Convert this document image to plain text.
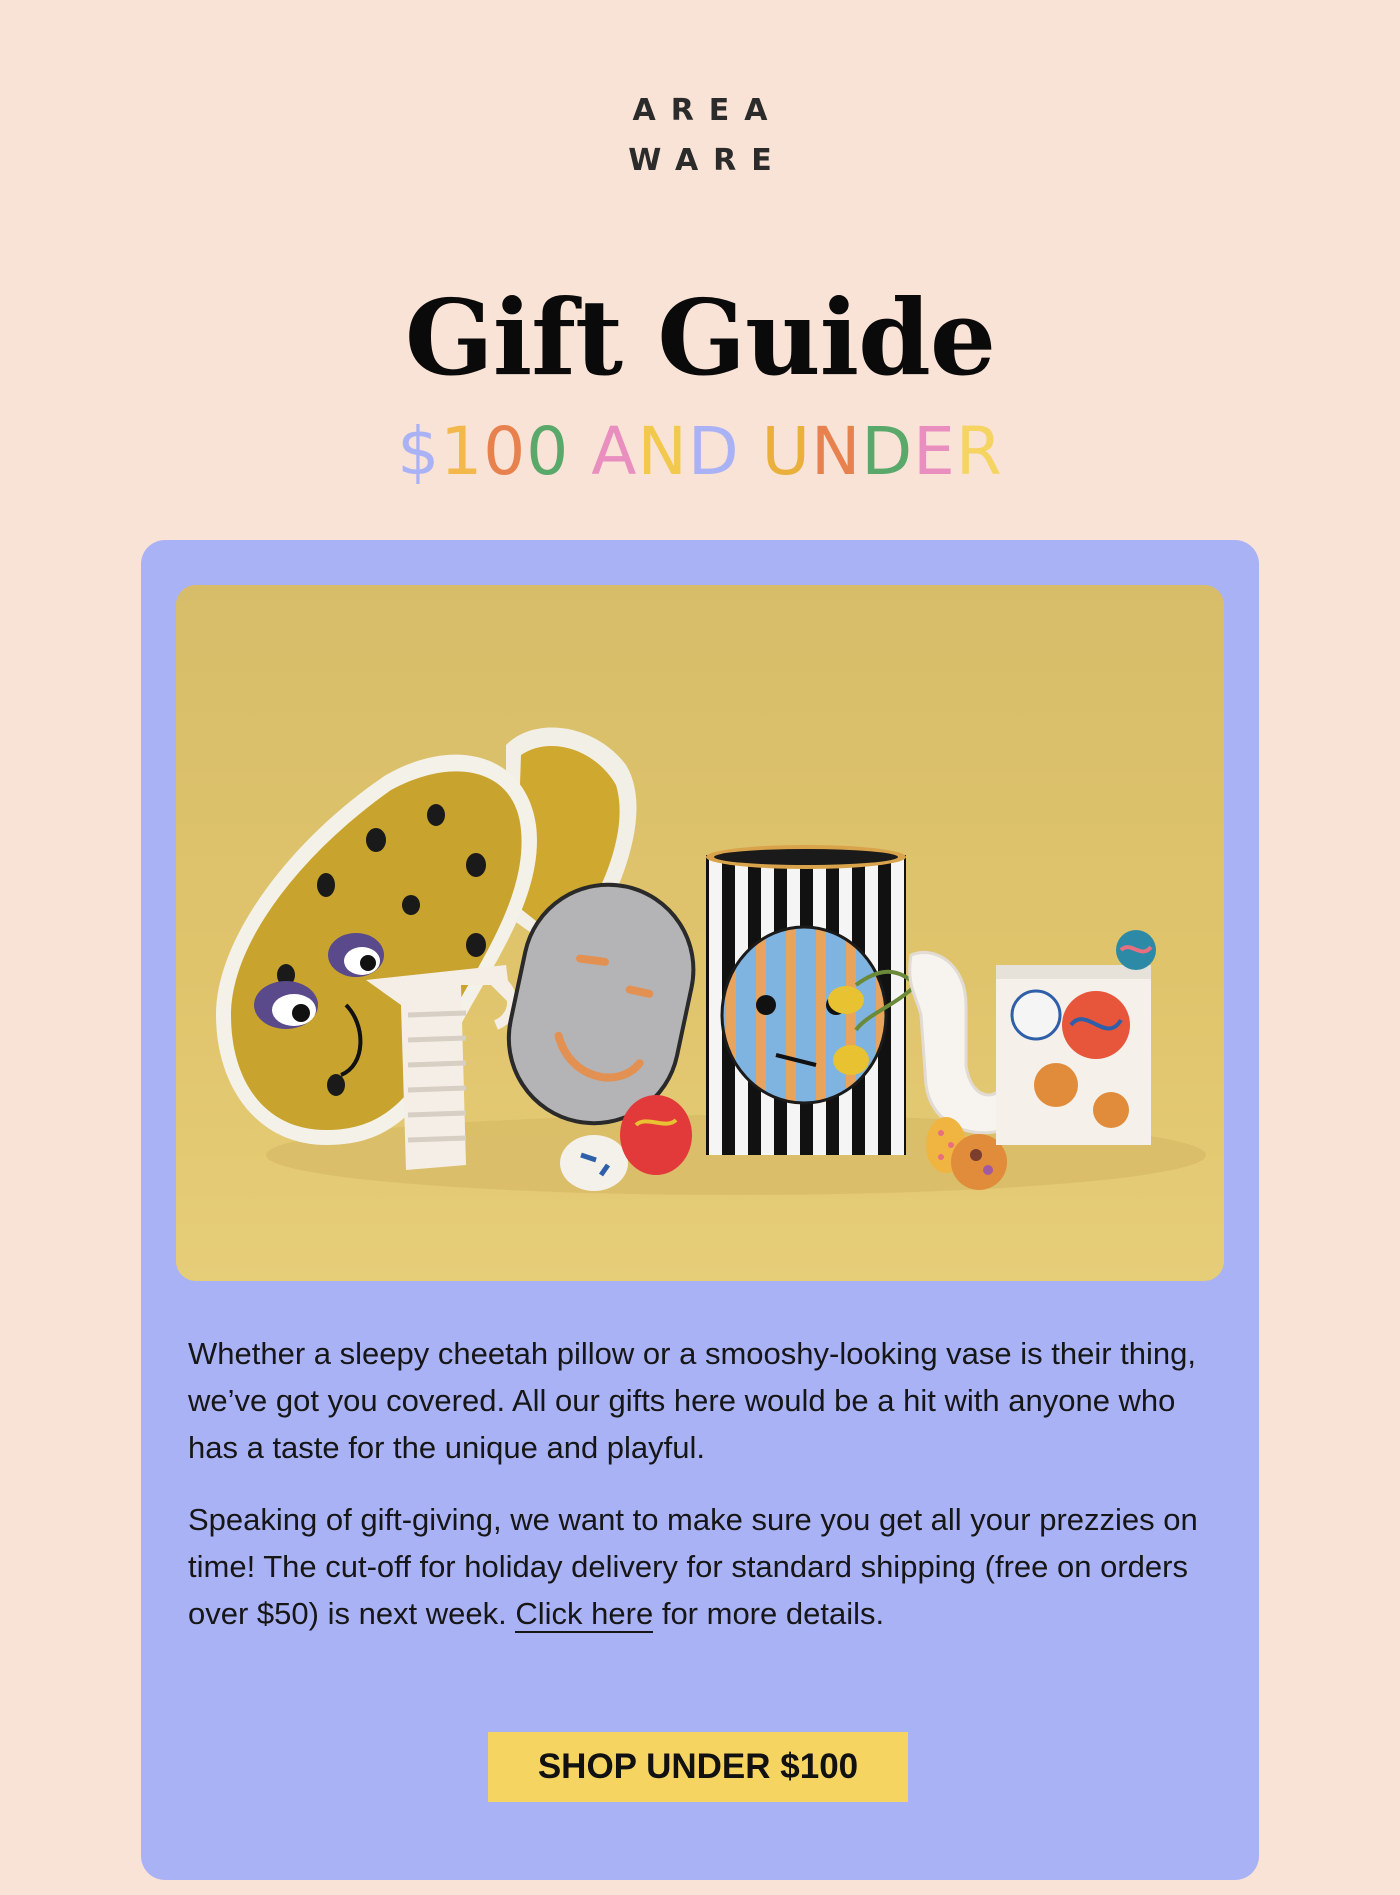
AREA
WARE
Gift Guide
$100 AND UNDER

Whether a sleepy cheetah pillow or a smooshy-looking vase is their thing, we’ve got you covered. All our gifts here would be a hit with anyone who has a taste for the unique and playful.

Speaking of gift-giving, we want to make sure you get all your prezzies on time! The cut-off for holiday delivery for standard shipping (free on orders over $50) is next week. Click here for more details.

SHOP UNDER $100
